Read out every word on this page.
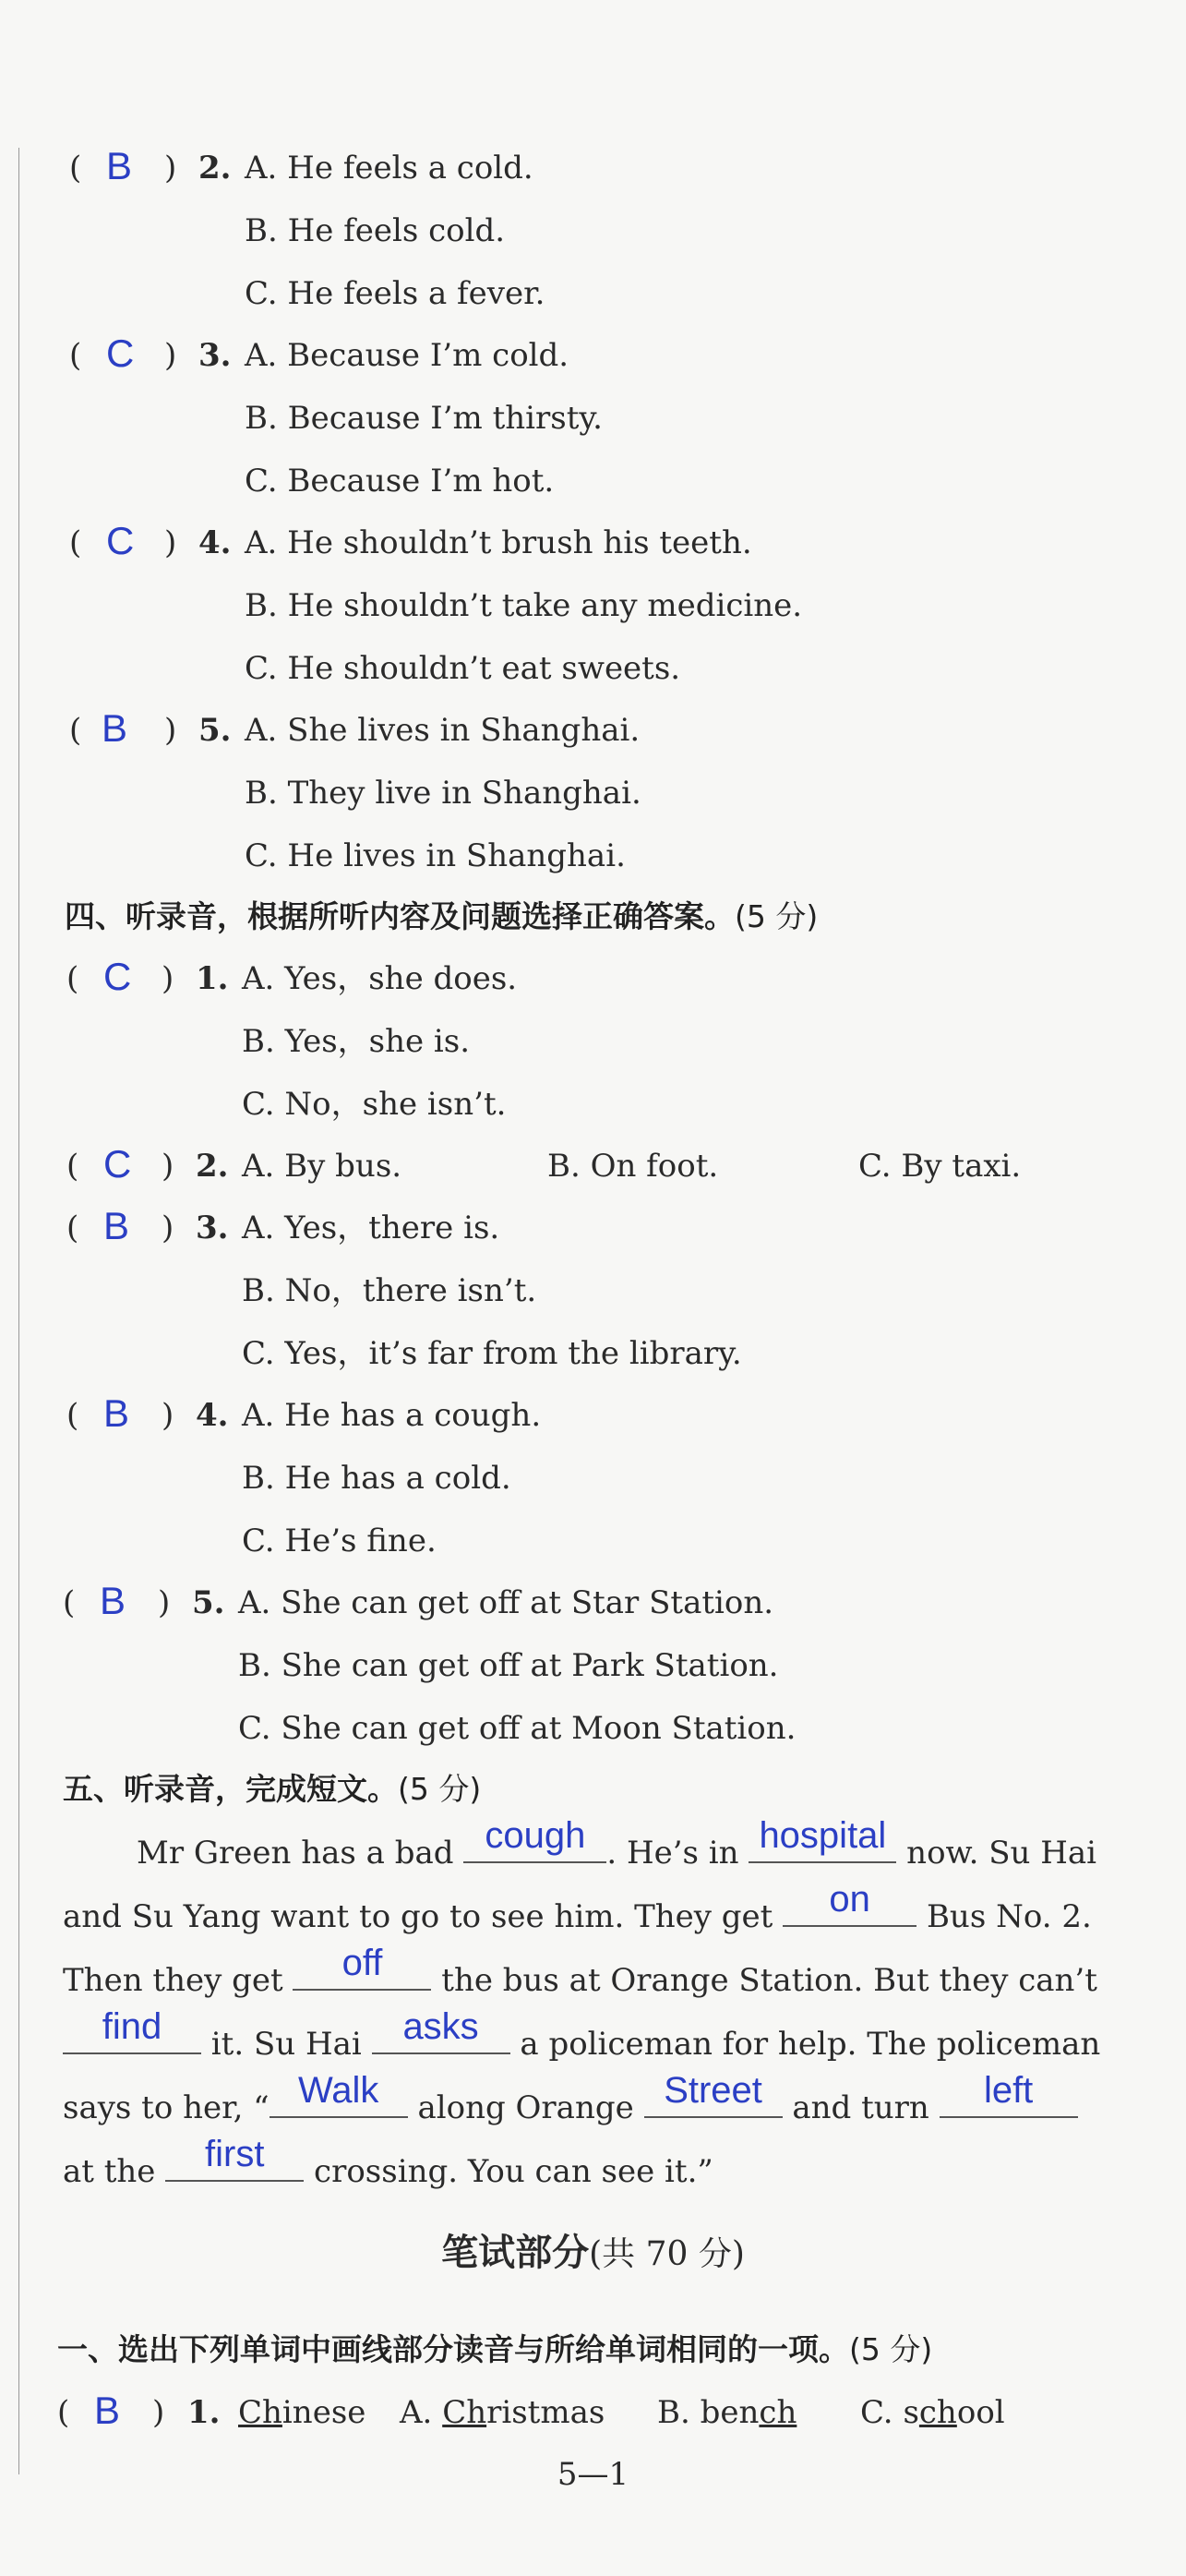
( B ) 2. A. He feels a cold.
B. He feels cold.
C. He feels a fever.
( C ) 3. A. Because I’m cold.
B. Because I’m thirsty.
C. Because I’m hot.
( C ) 4. A. He shouldn’t brush his teeth.
B. He shouldn’t take any medicine.
C. He shouldn’t eat sweets.
( B ) 5. A. She lives in Shanghai.
B. They live in Shanghai.
C. He lives in Shanghai.
四、听录音，根据所听内容及问题选择正确答案。(5 分)
( C ) 1. A. Yes，she does.
B. Yes，she is.
C. No，she isn’t.
( C ) 2. A. By bus.	B. On foot.	C. By taxi.
( B ) 3. A. Yes，there is.
B. No，there isn’t.
C. Yes，it’s far from the library.
( B ) 4. A. He has a cough.
B. He has a cold.
C. He’s fine.
( B ) 5. A. She can get off at Star Station.
B. She can get off at Park Station.
C. She can get off at Moon Station.
五、听录音，完成短文。(5 分)
Mr Green has a bad cough . He’s in hospital now. Su Hai and Su Yang want to go to see him. They get	on	Bus No. 2. Then they get	off	the bus at Orange Station. But they can’t
find	it. Su Hai asks a policeman for help. The policeman says to her, “ Walk along Orange Street and turn	left
at the	first	crossing. You can see it.”
笔试部分(共 70 分)
一、选出下列单词中画线部分读音与所给单词相同的一项。(5 分)
( B ) 1. Chinese A. Christmas B. bench C. school
5—1
